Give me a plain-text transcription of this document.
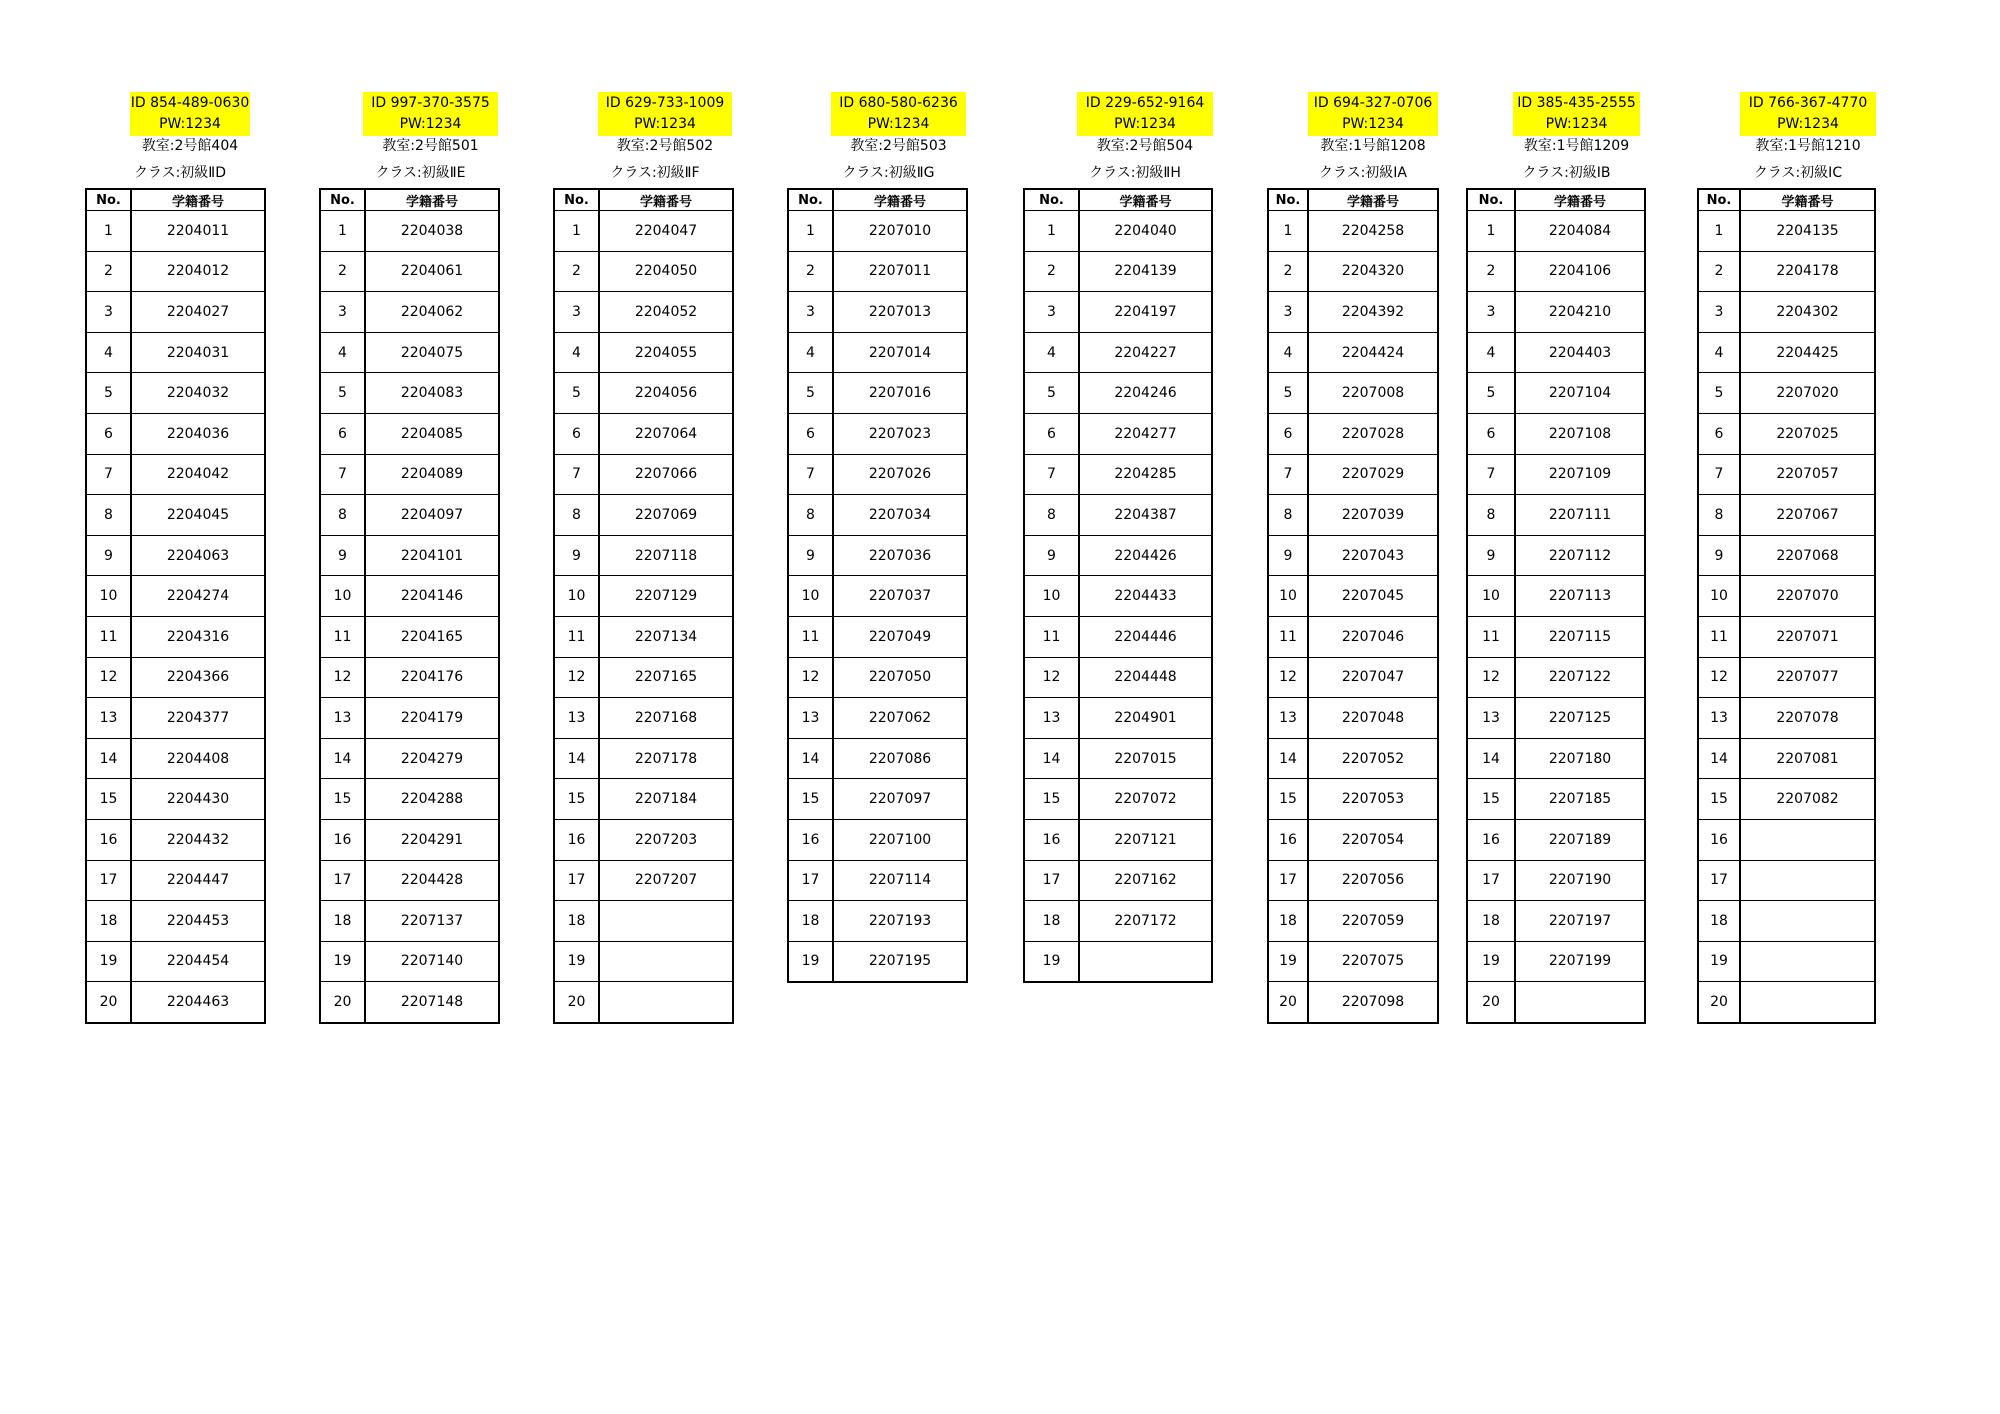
ID 854-489-0630
PW:1234
教室:2号館404
クラス:初級ⅡD
No.	学籍番号
1	2204011
2	2204012
3	2204027
4	2204031
5	2204032
6	2204036
7	2204042
8	2204045
9	2204063
10	2204274
11	2204316
12	2204366
13	2204377
14	2204408
15	2204430
16	2204432
17	2204447
18	2204453
19	2204454
20	2204463
ID 997-370-3575
PW:1234
教室:2号館501
クラス:初級ⅡE
No.	学籍番号
1	2204038
2	2204061
3	2204062
4	2204075
5	2204083
6	2204085
7	2204089
8	2204097
9	2204101
10	2204146
11	2204165
12	2204176
13	2204179
14	2204279
15	2204288
16	2204291
17	2204428
18	2207137
19	2207140
20	2207148
ID 629-733-1009
PW:1234
教室:2号館502
クラス:初級ⅡF
No.	学籍番号
1	2204047
2	2204050
3	2204052
4	2204055
5	2204056
6	2207064
7	2207066
8	2207069
9	2207118
10	2207129
11	2207134
12	2207165
13	2207168
14	2207178
15	2207184
16	2207203
17	2207207
18	
19	
20	
ID 680-580-6236
PW:1234
教室:2号館503
クラス:初級ⅡG
No.	学籍番号
1	2207010
2	2207011
3	2207013
4	2207014
5	2207016
6	2207023
7	2207026
8	2207034
9	2207036
10	2207037
11	2207049
12	2207050
13	2207062
14	2207086
15	2207097
16	2207100
17	2207114
18	2207193
19	2207195
ID 229-652-9164
PW:1234
教室:2号館504
クラス:初級ⅡH
No.	学籍番号
1	2204040
2	2204139
3	2204197
4	2204227
5	2204246
6	2204277
7	2204285
8	2204387
9	2204426
10	2204433
11	2204446
12	2204448
13	2204901
14	2207015
15	2207072
16	2207121
17	2207162
18	2207172
19	
ID 694-327-0706
PW:1234
教室:1号館1208
クラス:初級ⅠA
No.	学籍番号
1	2204258
2	2204320
3	2204392
4	2204424
5	2207008
6	2207028
7	2207029
8	2207039
9	2207043
10	2207045
11	2207046
12	2207047
13	2207048
14	2207052
15	2207053
16	2207054
17	2207056
18	2207059
19	2207075
20	2207098
ID 385-435-2555
PW:1234
教室:1号館1209
クラス:初級ⅠB
No.	学籍番号
1	2204084
2	2204106
3	2204210
4	2204403
5	2207104
6	2207108
7	2207109
8	2207111
9	2207112
10	2207113
11	2207115
12	2207122
13	2207125
14	2207180
15	2207185
16	2207189
17	2207190
18	2207197
19	2207199
20	
ID 766-367-4770
PW:1234
教室:1号館1210
クラス:初級ⅠC
No.	学籍番号
1	2204135
2	2204178
3	2204302
4	2204425
5	2207020
6	2207025
7	2207057
8	2207067
9	2207068
10	2207070
11	2207071
12	2207077
13	2207078
14	2207081
15	2207082
16	
17	
18	
19	
20	
